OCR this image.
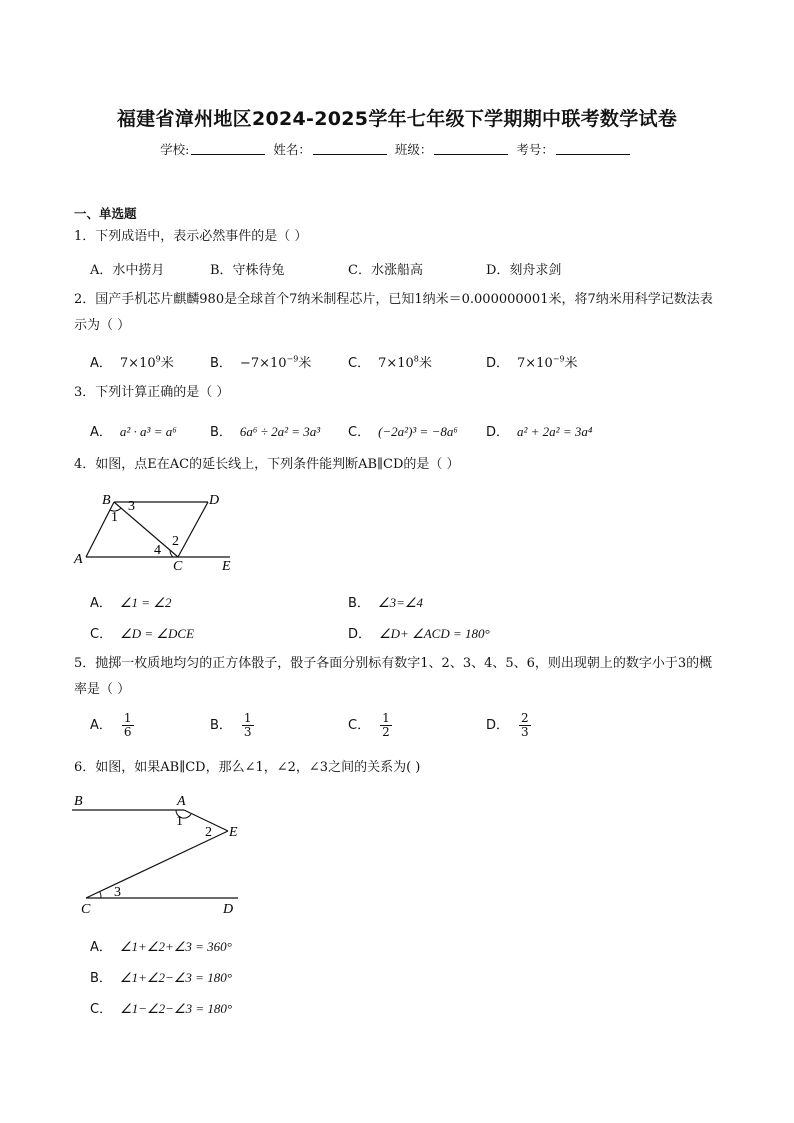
福建省漳州地区2024-2025学年七年级下学期期中联考数学试卷
学校:	姓名：	班级：	考号：
一、单选题
1．下列成语中，表示必然事件的是（ ）
A．水中捞月	B．守株待兔	C．水涨船高	D．刻舟求剑
2．国产手机芯片麒麟980是全球首个7纳米制程芯片，已知1纳米＝0.000000001米，将7纳米用科学记数法表示为（ ）
A． $7\times 10^9$米	B． $-7\times 10^{-9}$米	C． $7\times 10^8$米	D． $7\times 10^{-9}$米
3．下列计算正确的是（ ）
A． a² · a³ = a⁶	B． 6a⁶ ÷ 2a² = 3a³ C． (−2a²)³ = −8a⁶ D． a² + 2a² = 3a⁴
4．如图，点E在AC的延长线上，下列条件能判断AB∥CD的是（ ）
B	D
A	C	E
1
3
2
4
A． ∠1 = ∠2	B． ∠3=∠4
C． ∠D = ∠DCE	D． ∠D+ ∠ACD = 180°
5．抛掷一枚质地均匀的正方体骰子，骰子各面分别标有数字1、2、3、4、5、6，则出现朝上的数字小于3的概率是（ ）
A． $\frac{1}{6}$	B． $\frac{1}{3}$	C． $\frac{1}{2}$	D． $\frac{2}{3}$
6．如图，如果AB∥CD，那么∠1，∠2，∠3之间的关系为( )
B	A
E
C	D
1
2
3
A． ∠1+∠2+∠3 = 360°
B． ∠1+∠2−∠3 = 180°
C． ∠1−∠2−∠3 = 180°
